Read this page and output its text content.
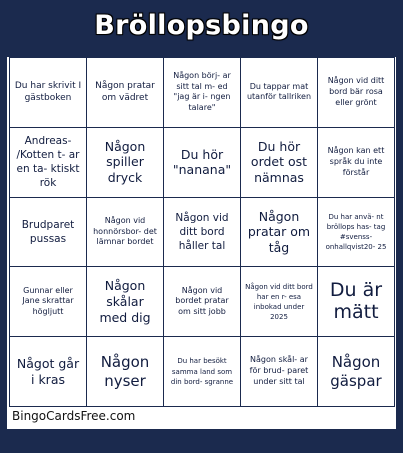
Bröllopsbingo
Du har skrivit I gästboken
Någon pratar om vädret
Någon börj- ar sitt tal m- ed "jag är i- ngen talare"
Du tappar mat utanför tallriken
Någon vid ditt bord bär rosa eller grönt
Andreas- /Kotten t- ar en ta- ktiskt rök
Någon spiller dryck
Du hör "nanana"
Du hör ordet ost nämnas
Någon kan ett språk du inte förstår
Brudparet pussas
Någon vid honnörsbor- det lämnar bordet
Någon vid ditt bord håller tal
Någon pratar om tåg
Du har anvä- nt bröllops has- tag #svenss- onhallqvist20- 25
Gunnar eller Jane skrattar högljutt
Någon skålar med dig
Någon vid bordet pratar om sitt jobb
Någon vid ditt bord har en r- esa inbokad under 2025
Du är mätt
Något går i kras
Någon nyser
Du har besökt samma land som din bord- sgranne
Någon skål- ar för brud- paret under sitt tal
Någon gäspar
BingoCardsFree.com
